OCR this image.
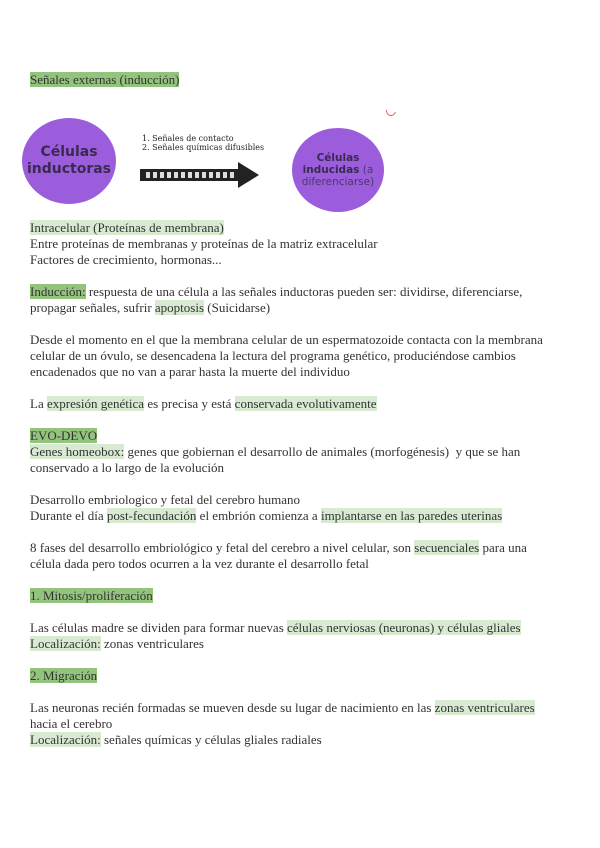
Señales externas (inducción)
Células
inductoras
1. Señales de contacto
2. Señales químicas difusibles
Células
inducidas (a
diferenciarse)
Intracelular (Proteínas de membrana)
Entre proteínas de membranas y proteínas de la matriz extracelular
Factores de crecimiento, hormonas...
Inducción: respuesta de una célula a las señales inductoras pueden ser: dividirse, diferenciarse,
propagar señales, sufrir apoptosis (Suicidarse)
Desde el momento en el que la membrana celular de un espermatozoide contacta con la membrana
celular de un óvulo, se desencadena la lectura del programa genético, produciéndose cambios
encadenados que no van a parar hasta la muerte del individuo
La expresión genética es precisa y está conservada evolutivamente
EVO-DEVO
Genes homeobox: genes que gobiernan el desarrollo de animales (morfogénesis)  y que se han
conservado a lo largo de la evolución
Desarrollo embriologico y fetal del cerebro humano
Durante el día post-fecundación el embrión comienza a implantarse en las paredes uterinas
8 fases del desarrollo embriológico y fetal del cerebro a nivel celular, son secuenciales para una
célula dada pero todos ocurren a la vez durante el desarrollo fetal
1. Mitosis/proliferación
Las células madre se dividen para formar nuevas células nerviosas (neuronas) y células gliales
Localización: zonas ventriculares
2. Migración
Las neuronas recién formadas se mueven desde su lugar de nacimiento en las zonas ventriculares
hacia el cerebro
Localización: señales químicas y células gliales radiales
